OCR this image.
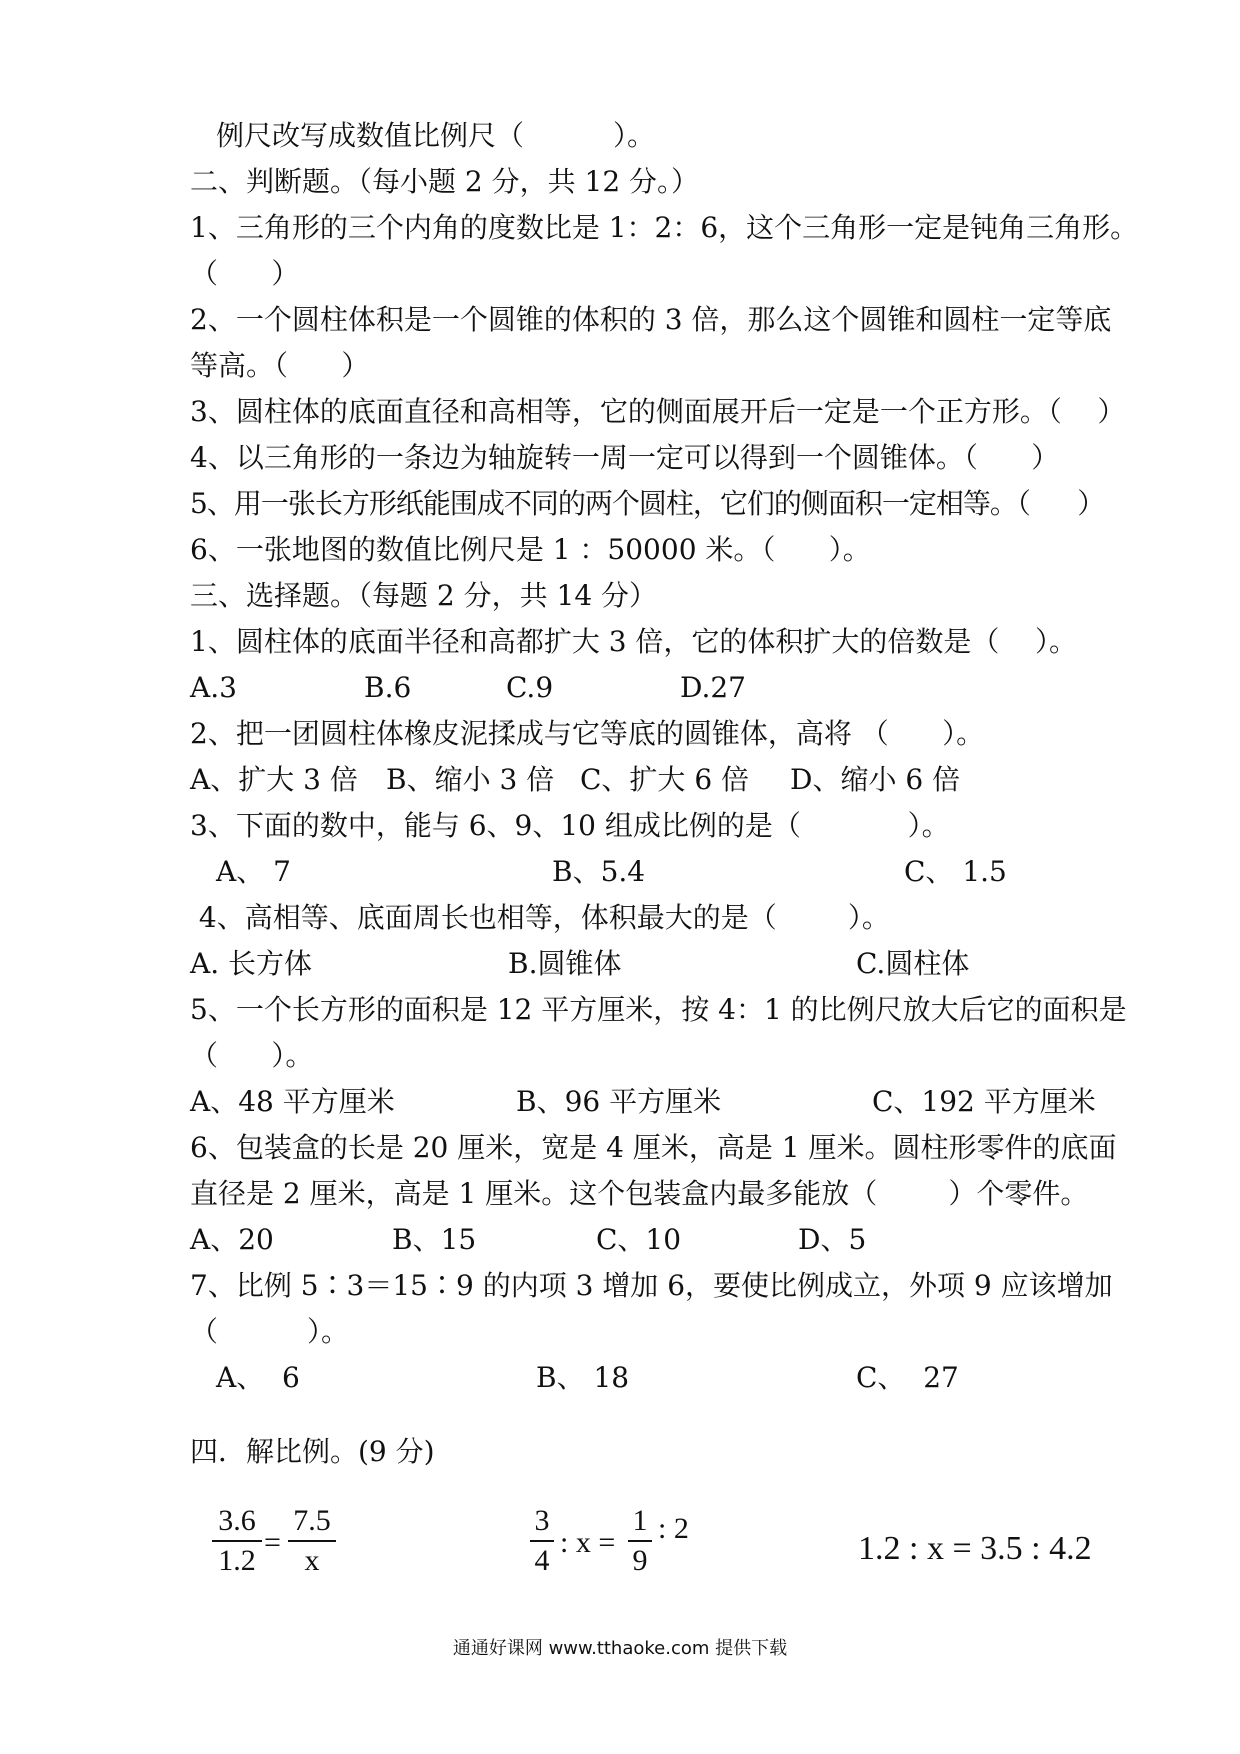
例尺改写成数值比例尺（          ）。
二、判断题。（每小题 2 分，共 12 分。）
1、三角形的三个内角的度数比是 1：2：6，这个三角形一定是钝角三角形。
（      ）
2、一个圆柱体积是一个圆锥的体积的 3 倍，那么这个圆锥和圆柱一定等底
等高。（      ）
3、圆柱体的底面直径和高相等，它的侧面展开后一定是一个正方形。（    ）
4、以三角形的一条边为轴旋转一周一定可以得到一个圆锥体。（      ）
5、用一张长方形纸能围成不同的两个圆柱，它们的侧面积一定相等。（      ）
6、一张地图的数值比例尺是 1 ：50000 米。（      ）。
三、选择题。（每题 2 分，共 14 分）
1、圆柱体的底面半径和高都扩大 3 倍，它的体积扩大的倍数是（    ）。
A.3	B.6	C.9	D.27
2、把一团圆柱体橡皮泥揉成与它等底的圆锥体，高将 （      ）。
A、扩大 3 倍 B、缩小 3 倍 C、扩大 6 倍 D、缩小 6 倍
3、下面的数中，能与 6、9、10 组成比例的是（            ）。
A、 7	B、5.4	C、 1.5
4、高相等、底面周长也相等，体积最大的是（        ）。
A. 长方体	B.圆锥体	C.圆柱体
5、一个长方形的面积是 12 平方厘米，按 4：1 的比例尺放大后它的面积是
（      ）。
A、48 平方厘米	B、96 平方厘米	C、192 平方厘米
6、包装盒的长是 20 厘米，宽是 4 厘米，高是 1 厘米。圆柱形零件的底面
直径是 2 厘米，高是 1 厘米。这个包装盒内最多能放（        ）个零件。
A、20	B、15	C、10	D、5
7、比例 5∶3＝15∶9 的内项 3 增加 6，要使比例成立，外项 9 应该增加
（          ）。
A、  6	B、 18	C、  27
四．解比例。(9 分)
$\frac{3.6}{1.2} = \frac{7.5}{x}$	$\frac{3}{4}$ : $x = \frac{1}{9}$ : 2
1.2 : x = 3.5 : 4.2
通通好课网 www.tthaoke.com 提供下载
